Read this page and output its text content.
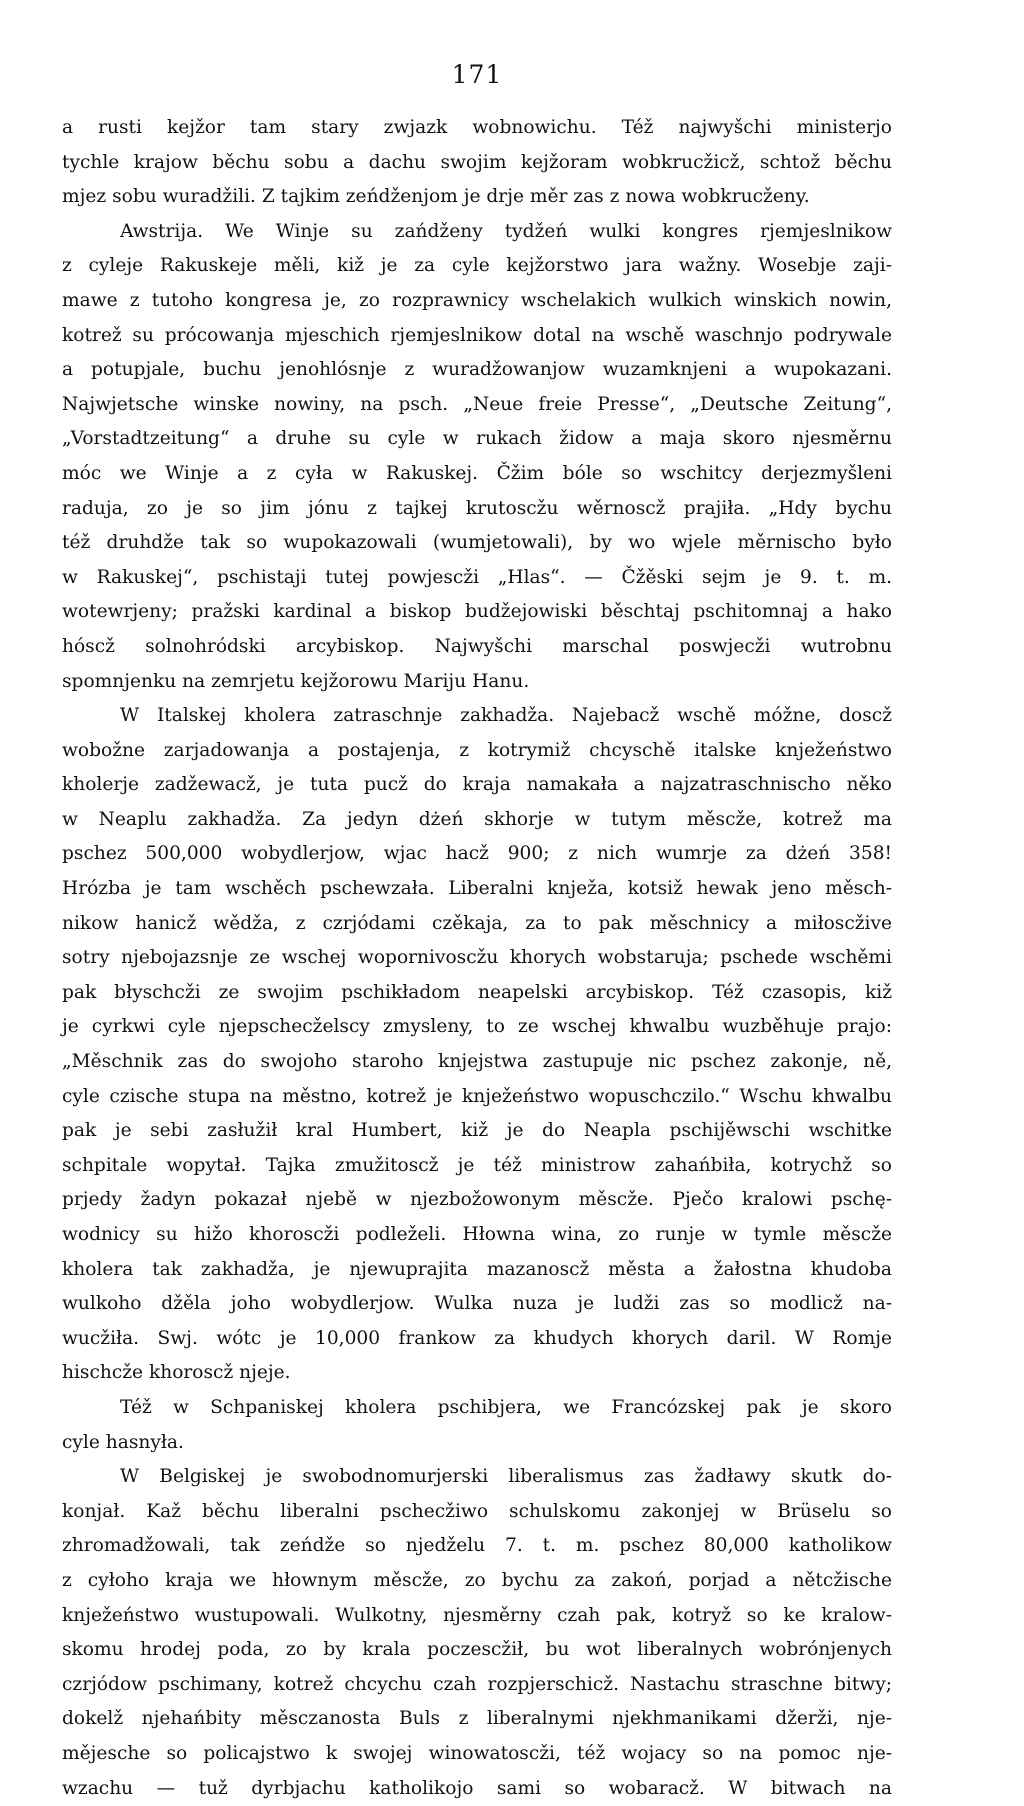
171
a rusti kejžor tam stary zwjazk wobnowichu. Též najwyšchi ministerjo
tychle krajow běchu sobu a dachu swojim kejžoram wobkrucžicž, schtož běchu
mjez sobu wuradžili. Z tajkim zeńdženjom je drje měr zas z nowa wobkrucženy.
Awstrija. We Winje su zańdženy tydžeń wulki kongres rjemjeslnikow
z cyleje Rakuskeje měli, kiž je za cyle kejžorstwo jara wažny. Wosebje zaji-
mawe z tutoho kongresa je, zo rozprawnicy wschelakich wulkich winskich nowin,
kotrež su prócowanja mjeschich rjemjeslnikow dotal na wschě waschnjo podrywale
a potupjale, buchu jenohlósnje z wuradžowanjow wuzamknjeni a wupokazani.
Najwjetsche winske nowiny, na psch. „Neue freie Presse“, „Deutsche Zeitung“,
„Vorstadtzeitung“ a druhe su cyle w rukach židow a maja skoro njesměrnu
móc we Winje a z cyła w Rakuskej. Čžim bóle so wschitcy derjezmyšleni
raduja, zo je so jim jónu z tajkej krutoscžu wěrnoscž prajiła. „Hdy bychu
též druhdže tak so wupokazowali (wumjetowali), by wo wjele měrnischo było
w Rakuskej“, pschistaji tutej powjescži „Hlas“. — Čžěski sejm je 9. t. m.
wotewrjeny; pražski kardinal a biskop budžejowiski běschtaj pschitomnaj a hako
hóscž solnohródski arcybiskop. Najwyšchi marschal poswjecži wutrobnu
spomnjenku na zemrjetu kejžorowu Mariju Hanu.
W Italskej kholera zatraschnje zakhadža. Najebacž wschě móžne, doscž
wobožne zarjadowanja a postajenja, z kotrymiž chcyschě italske knježeństwo
kholerje zadžewacž, je tuta pucž do kraja namakała a najzatraschnischo něko
w Neaplu zakhadža. Za jedyn dżeń skhorje w tutym měscže, kotrež ma
pschez 500,000 wobydlerjow, wjac hacž 900; z nich wumrje za dżeń 358!
Hrózba je tam wschěch pschewzała. Liberalni knježa, kotsiž hewak jeno měsch-
nikow hanicž wědža, z czrjódami czěkaja, za to pak měschnicy a miłoscžive
sotry njebojazsnje ze wschej wopornivoscžu khorych wobstaruja; pschede wschěmi
pak błyschcži ze swojim pschikładom neapelski arcybiskop. Též czasopis, kiž
je cyrkwi cyle njepschecželscy zmysleny, to ze wschej khwalbu wuzběhuje prajo:
„Měschnik zas do swojoho staroho knjejstwa zastupuje nic pschez zakonje, ně,
cyle czische stupa na městno, kotrež je knježeństwo wopuschczilo.“ Wschu khwalbu
pak je sebi zasłužił kral Humbert, kiž je do Neapla pschijěwschi wschitke
schpitale wopytał. Tajka zmužitoscž je též ministrow zahańbiła, kotrychž so
prjedy žadyn pokazał njebě w njezbožowonym měscže. Pječo kralowi pschę-
wodnicy su hižo khoroscži podleželi. Hłowna wina, zo runje w tymle měscže
kholera tak zakhadža, je njewuprajita mazanoscž města a žałostna khudoba
wulkoho džěla joho wobydlerjow. Wulka nuza je ludži zas so modlicž na-
wucžiła. Swj. wótc je 10,000 frankow za khudych khorych daril. W Romje
hischcže khoroscž njeje.
Též w Schpaniskej kholera pschibjera, we Francózskej pak je skoro
cyle hasnyła.
W Belgiskej je swobodnomurjerski liberalismus zas žadławy skutk do-
konjał. Kaž běchu liberalni pschecžiwo schulskomu zakonjej w Brüselu so
zhromadžowali, tak zeńdže so njedželu 7. t. m. pschez 80,000 katholikow
z cyłoho kraja we hłownym měscže, zo bychu za zakoń, porjad a nětcžische
knježeństwo wustupowali. Wulkotny, njesměrny czah pak, kotryž so ke kralow-
skomu hrodej poda, zo by krala poczescžił, bu wot liberalnych wobrónjenych
czrjódow pschimany, kotrež chcychu czah rozpjerschicž. Nastachu straschne bitwy;
dokelž njehańbity měsczanosta Buls z liberalnymi njekhmanikami džerži, nje-
mějesche so policajstwo k swojej winowatoscži, též wojacy so na pomoc nje-
wzachu — tuž dyrbjachu katholikojo sami so wobaracž. W bitwach na
